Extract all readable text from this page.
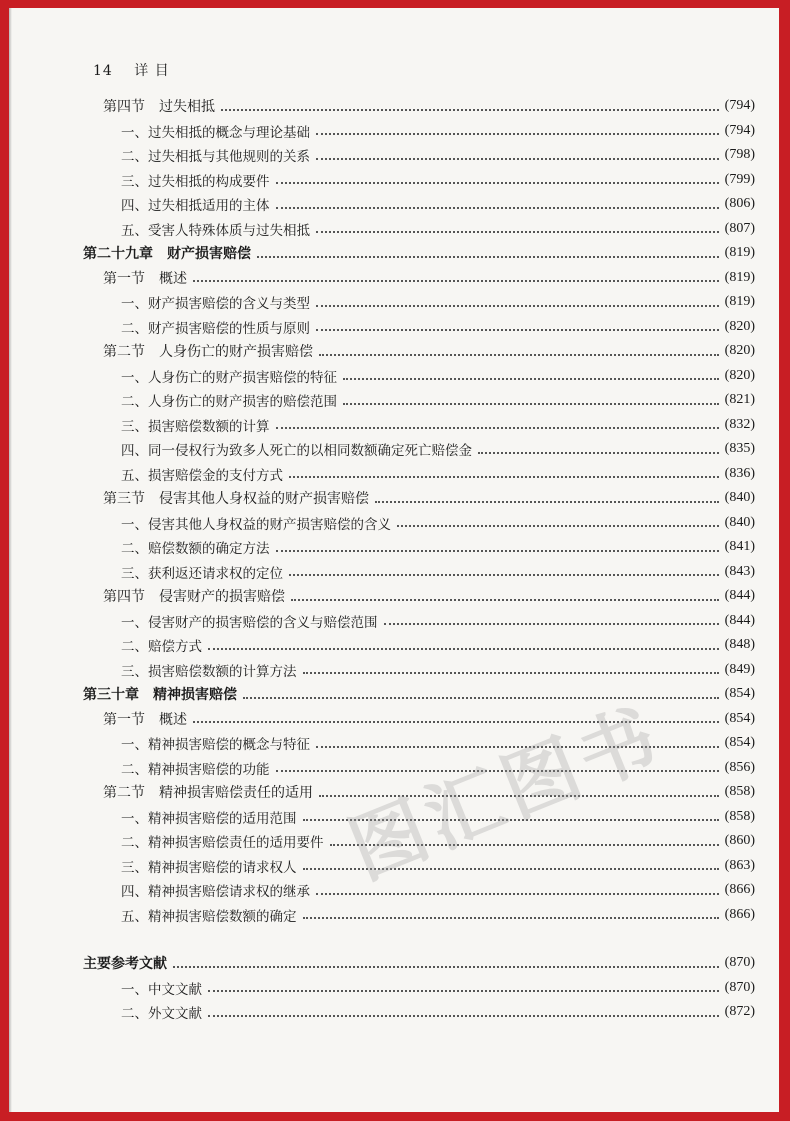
14 详 目
第四节　过失相抵	(794)
一、过失相抵的概念与理论基础	(794)
二、过失相抵与其他规则的关系	(798)
三、过失相抵的构成要件	(799)
四、过失相抵适用的主体	(806)
五、受害人特殊体质与过失相抵	(807)
第二十九章　财产损害赔偿	(819)
第一节　概述	(819)
一、财产损害赔偿的含义与类型	(819)
二、财产损害赔偿的性质与原则	(820)
第二节　人身伤亡的财产损害赔偿	(820)
一、人身伤亡的财产损害赔偿的特征	(820)
二、人身伤亡的财产损害的赔偿范围	(821)
三、损害赔偿数额的计算	(832)
四、同一侵权行为致多人死亡的以相同数额确定死亡赔偿金	(835)
五、损害赔偿金的支付方式	(836)
第三节　侵害其他人身权益的财产损害赔偿	(840)
一、侵害其他人身权益的财产损害赔偿的含义	(840)
二、赔偿数额的确定方法	(841)
三、获利返还请求权的定位	(843)
第四节　侵害财产的损害赔偿	(844)
一、侵害财产的损害赔偿的含义与赔偿范围	(844)
二、赔偿方式	(848)
三、损害赔偿数额的计算方法	(849)
第三十章　精神损害赔偿	(854)
第一节　概述	(854)
一、精神损害赔偿的概念与特征	(854)
二、精神损害赔偿的功能	(856)
第二节　精神损害赔偿责任的适用	(858)
一、精神损害赔偿的适用范围	(858)
二、精神损害赔偿责任的适用要件	(860)
三、精神损害赔偿的请求权人	(863)
四、精神损害赔偿请求权的继承	(866)
五、精神损害赔偿数额的确定	(866)
主要参考文献	(870)
一、中文文献	(870)
二、外文文献	(872)
图汇图书
